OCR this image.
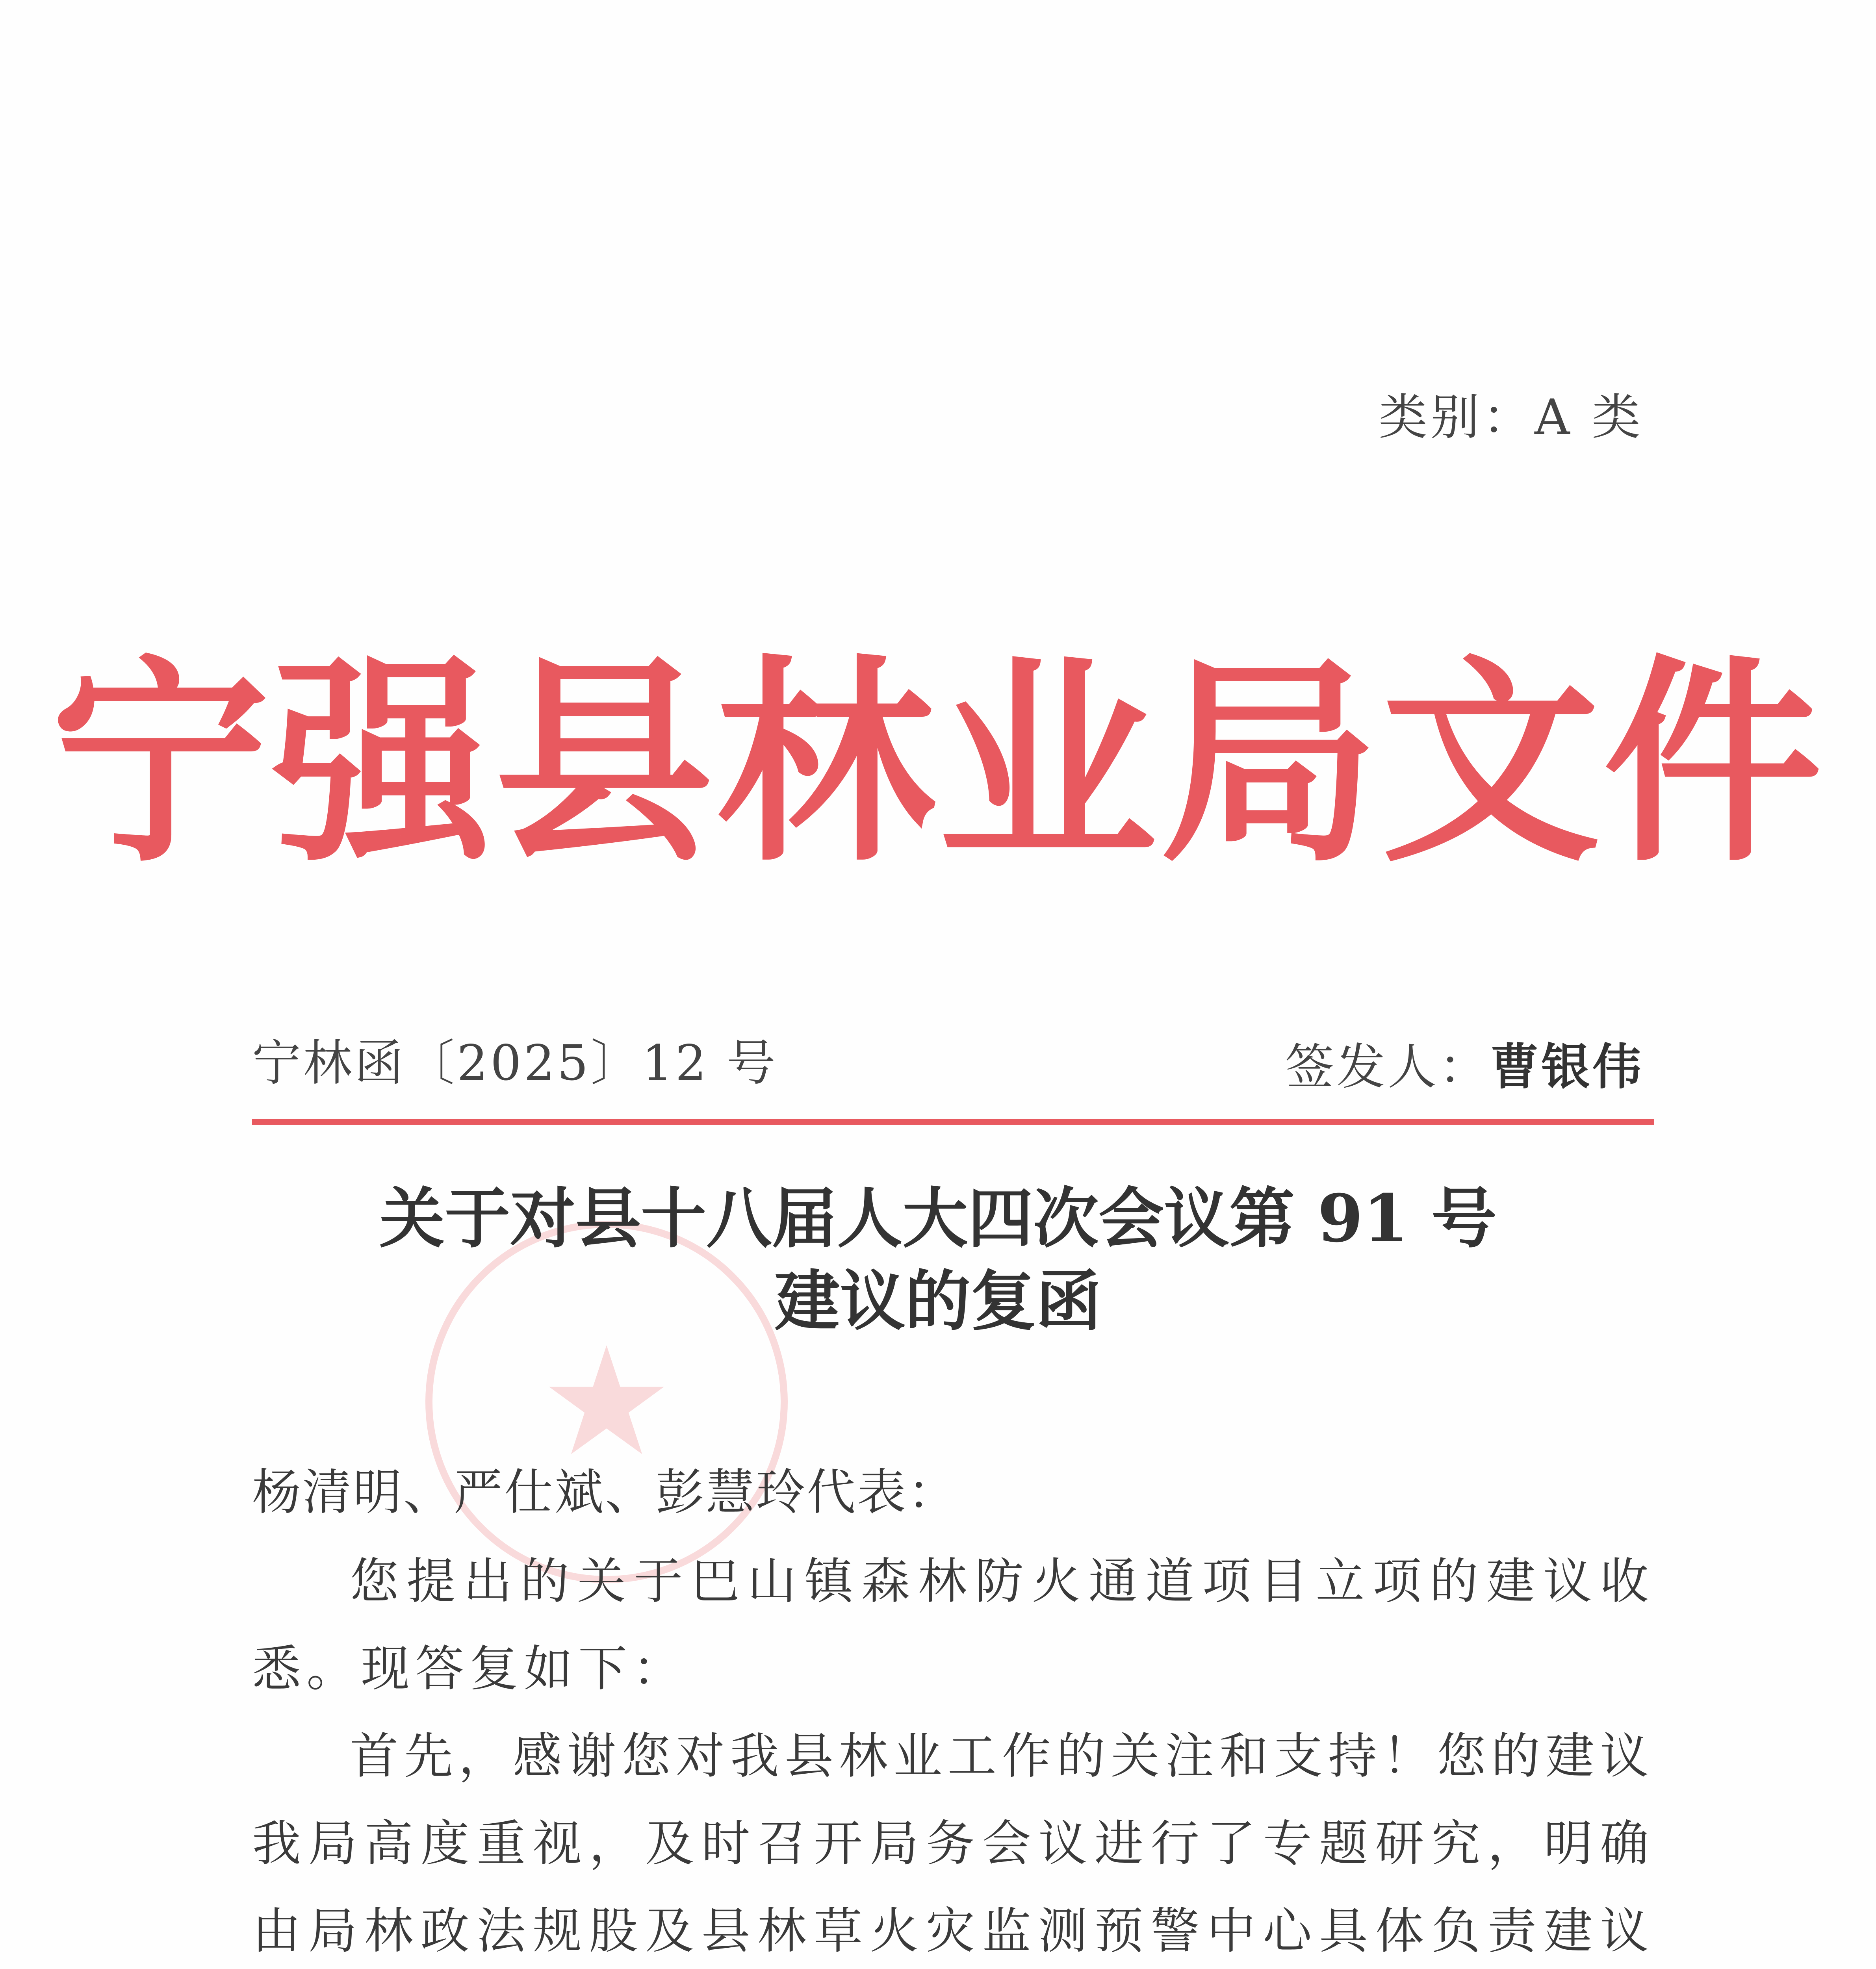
类别：A 类
宁强县林业局文件
宁林函〔2025〕12 号	签发人：曹银伟
★
关于对县十八届人大四次会议第 91 号
建议的复函
杨清明、严仕斌、彭慧玲代表：

您提出的关于巴山镇森林防火通道项目立项的建议收悉。现答复如下：

首先，感谢您对我县林业工作的关注和支持！您的建议我局高度重视，及时召开局务会议进行了专题研究，明确由局林政法规股及县林草火灾监测预警中心具体负责建议
